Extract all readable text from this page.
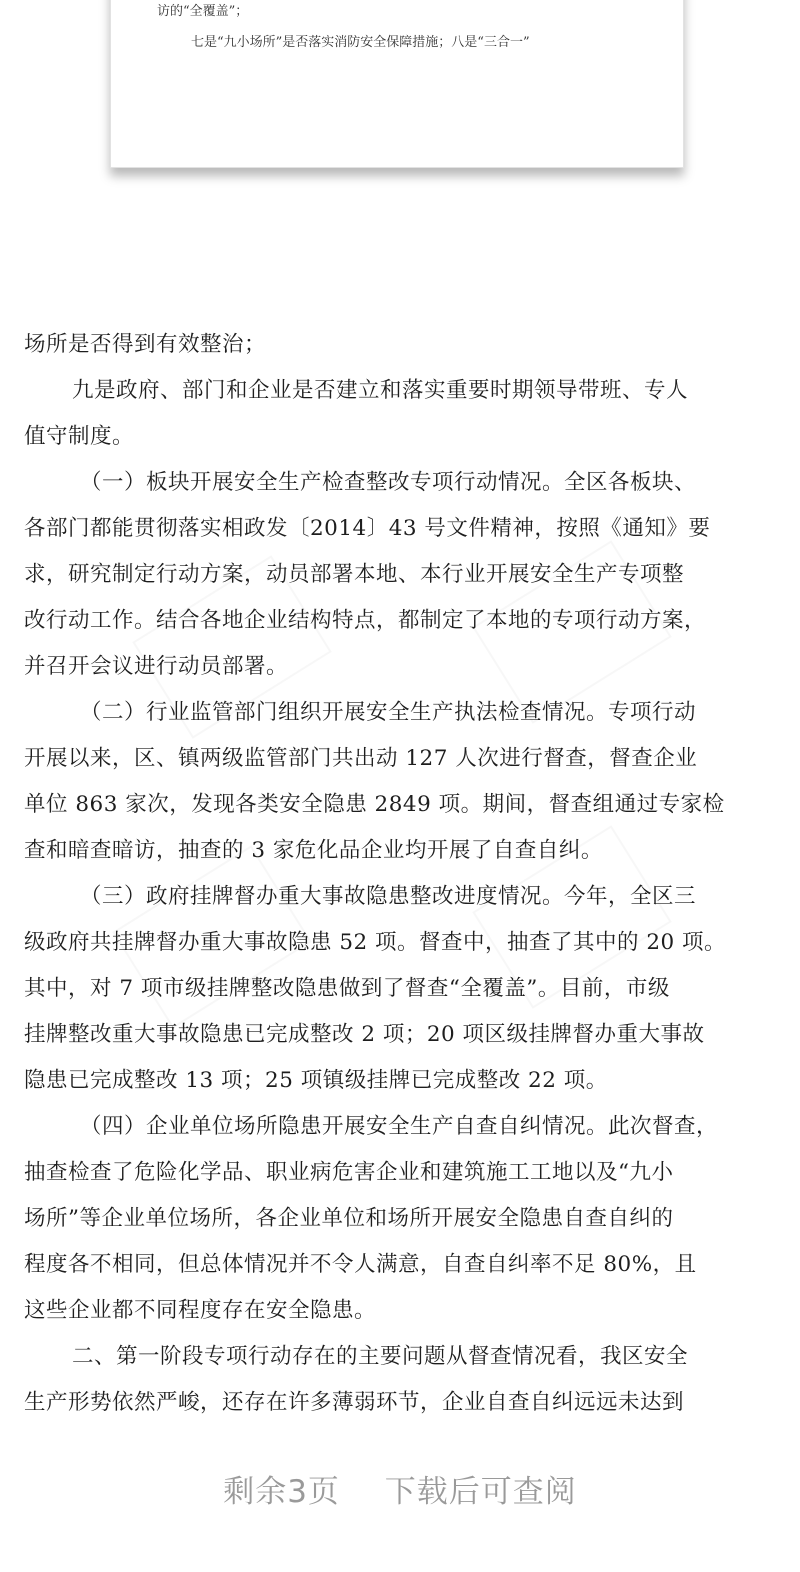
访的“全覆盖”；
七是“九小场所”是否落实消防安全保障措施；八是“三合一”
场所是否得到有效整治；
九是政府、部门和企业是否建立和落实重要时期领导带班、专人
值守制度。
（一）板块开展安全生产检查整改专项行动情况。全区各板块、
各部门都能贯彻落实相政发〔2014〕43 号文件精神，按照《通知》要
求，研究制定行动方案，动员部署本地、本行业开展安全生产专项整
改行动工作。结合各地企业结构特点，都制定了本地的专项行动方案，
并召开会议进行动员部署。
（二）行业监管部门组织开展安全生产执法检查情况。专项行动
开展以来，区、镇两级监管部门共出动 127 人次进行督查，督查企业
单位 863 家次，发现各类安全隐患 2849 项。期间，督查组通过专家检
查和暗查暗访，抽查的 3 家危化品企业均开展了自查自纠。
（三）政府挂牌督办重大事故隐患整改进度情况。今年，全区三
级政府共挂牌督办重大事故隐患 52 项。督查中，抽查了其中的 20 项。
其中，对 7 项市级挂牌整改隐患做到了督查“全覆盖”。目前，市级
挂牌整改重大事故隐患已完成整改 2 项；20 项区级挂牌督办重大事故
隐患已完成整改 13 项；25 项镇级挂牌已完成整改 22 项。
（四）企业单位场所隐患开展安全生产自查自纠情况。此次督查，
抽查检查了危险化学品、职业病危害企业和建筑施工工地以及“九小
场所”等企业单位场所，各企业单位和场所开展安全隐患自查自纠的
程度各不相同，但总体情况并不令人满意，自查自纠率不足 80%，且
这些企业都不同程度存在安全隐患。
二、第一阶段专项行动存在的主要问题从督查情况看，我区安全
生产形势依然严峻，还存在许多薄弱环节，企业自查自纠远远未达到
剩余3页 下载后可查阅
